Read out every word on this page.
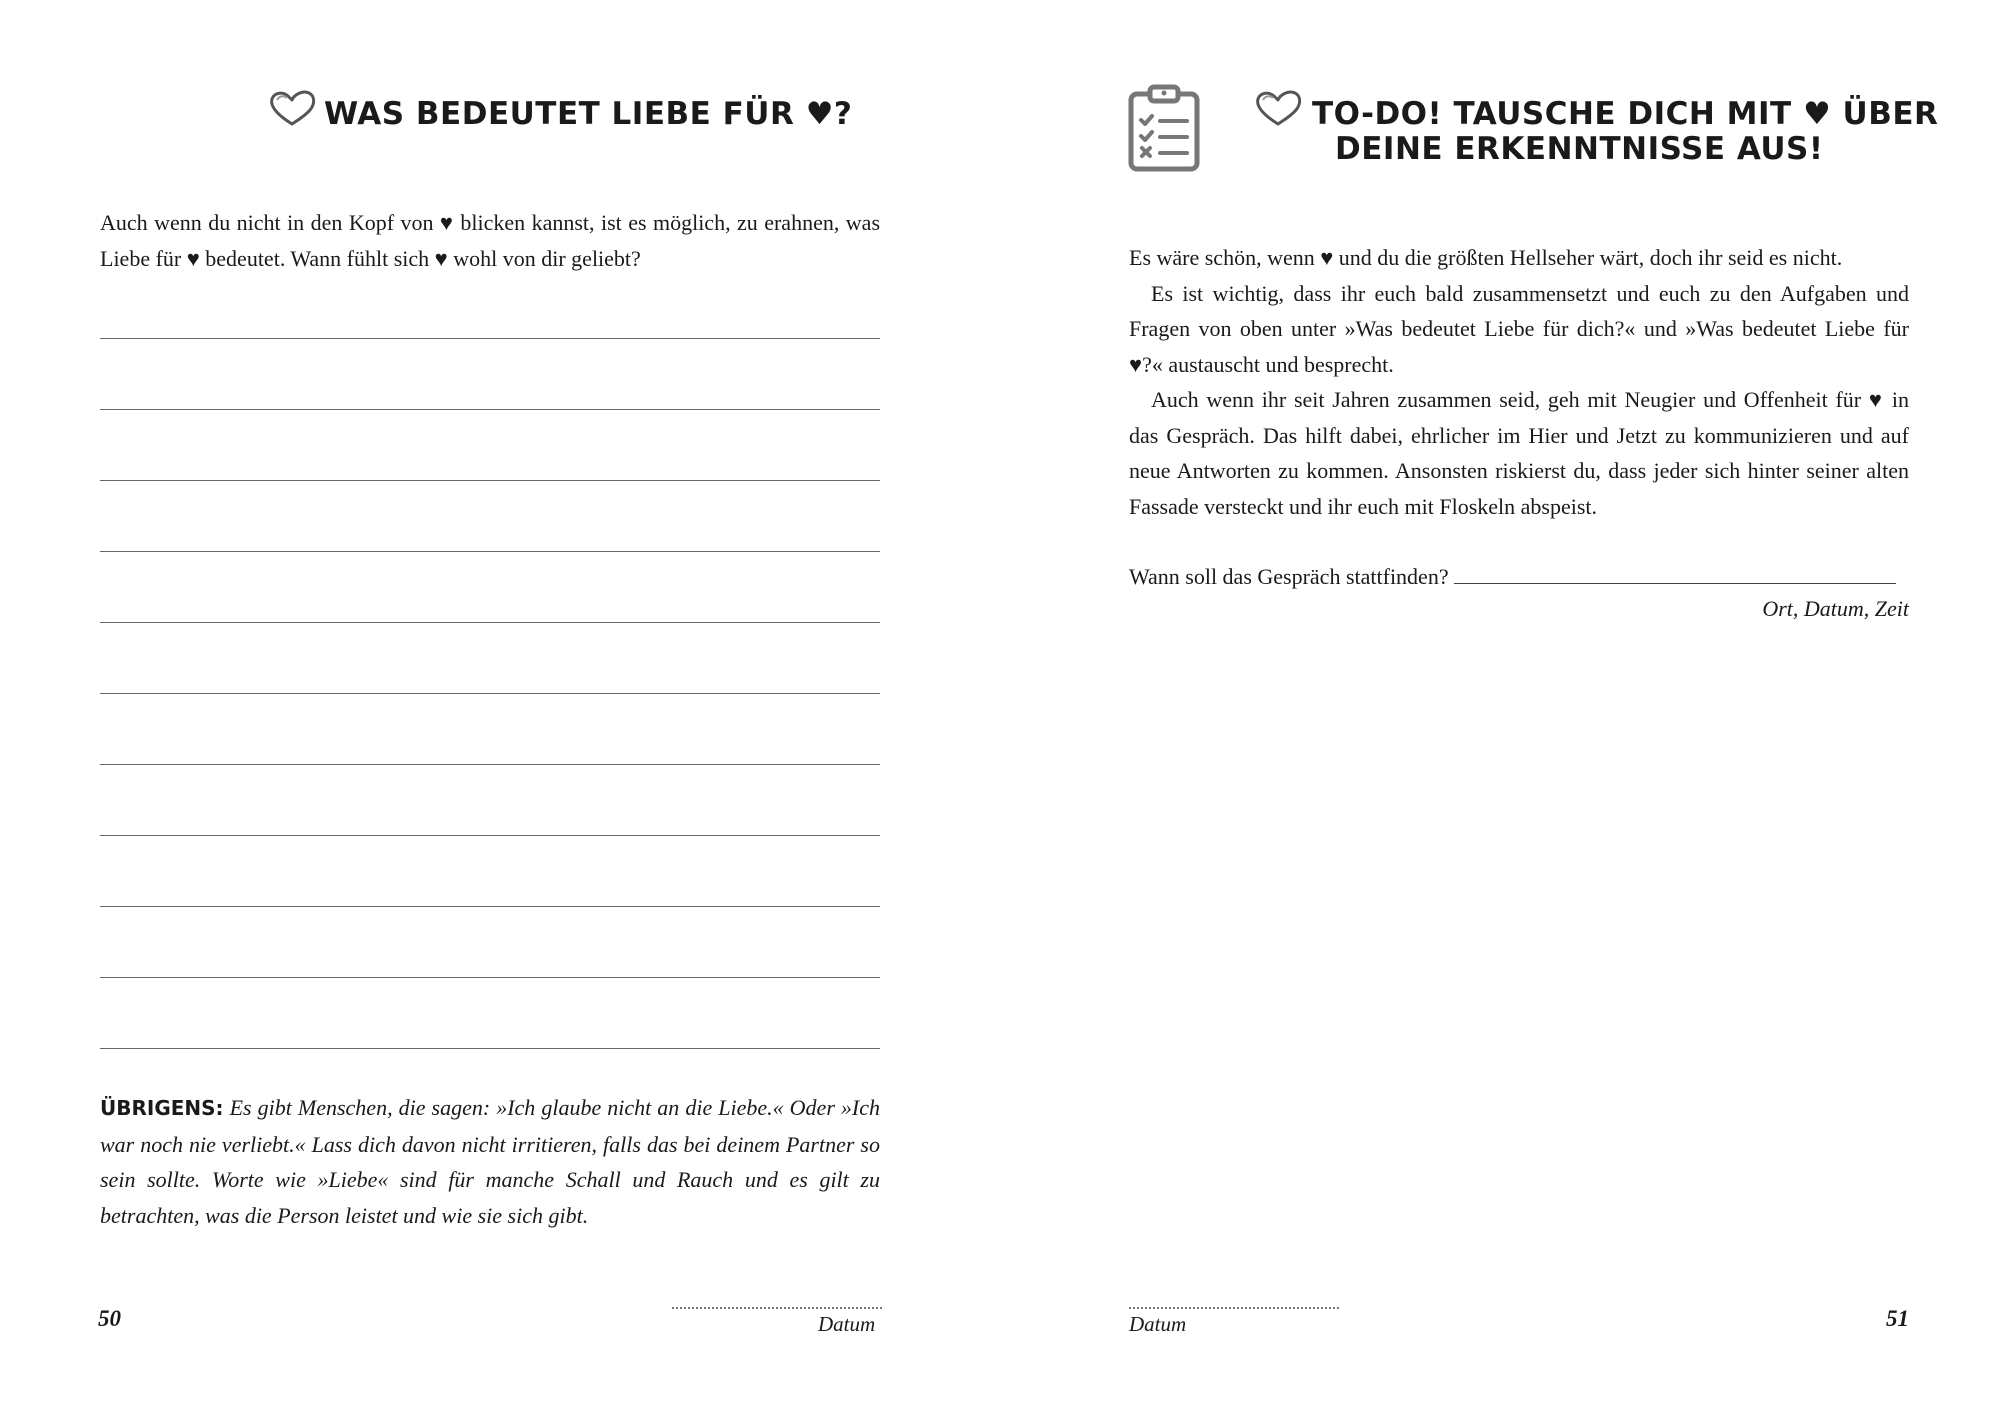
WAS BEDEUTET LIEBE FÜR ♥?

Auch wenn du nicht in den Kopf von ♥ blicken kannst, ist es möglich, zu erahnen, was Liebe für ♥ bedeutet. Wann fühlt sich ♥ wohl von dir geliebt?

ÜBRIGENS: Es gibt Menschen, die sagen: »Ich glaube nicht an die Liebe.« Oder »Ich war noch nie verliebt.« Lass dich davon nicht irritieren, falls das bei deinem Partner so sein sollte. Worte wie »Liebe« sind für manche Schall und Rauch und es gilt zu betrachten, was die Person leistet und wie sie sich gibt.
Datum
50
TO-DO! TAUSCHE DICH MIT ♥ ÜBER
DEINE ERKENNTNISSE AUS!

Es wäre schön, wenn ♥ und du die größten Hellseher wärt, doch ihr seid es nicht.

Es ist wichtig, dass ihr euch bald zusammensetzt und euch zu den Aufgaben und Fragen von oben unter »Was bedeutet Liebe für dich?« und »Was bedeutet Liebe für ♥?« austauscht und besprecht.

Auch wenn ihr seit Jahren zusammen seid, geh mit Neugier und Offenheit für ♥ in das Gespräch. Das hilft dabei, ehrlicher im Hier und Jetzt zu kommunizieren und auf neue Antworten zu kommen. Ansonsten riskierst du, dass jeder sich hinter seiner alten Fassade versteckt und ihr euch mit Floskeln abspeist.

Wann soll das Gespräch stattfinden?
Ort, Datum, Zeit
Datum	51
